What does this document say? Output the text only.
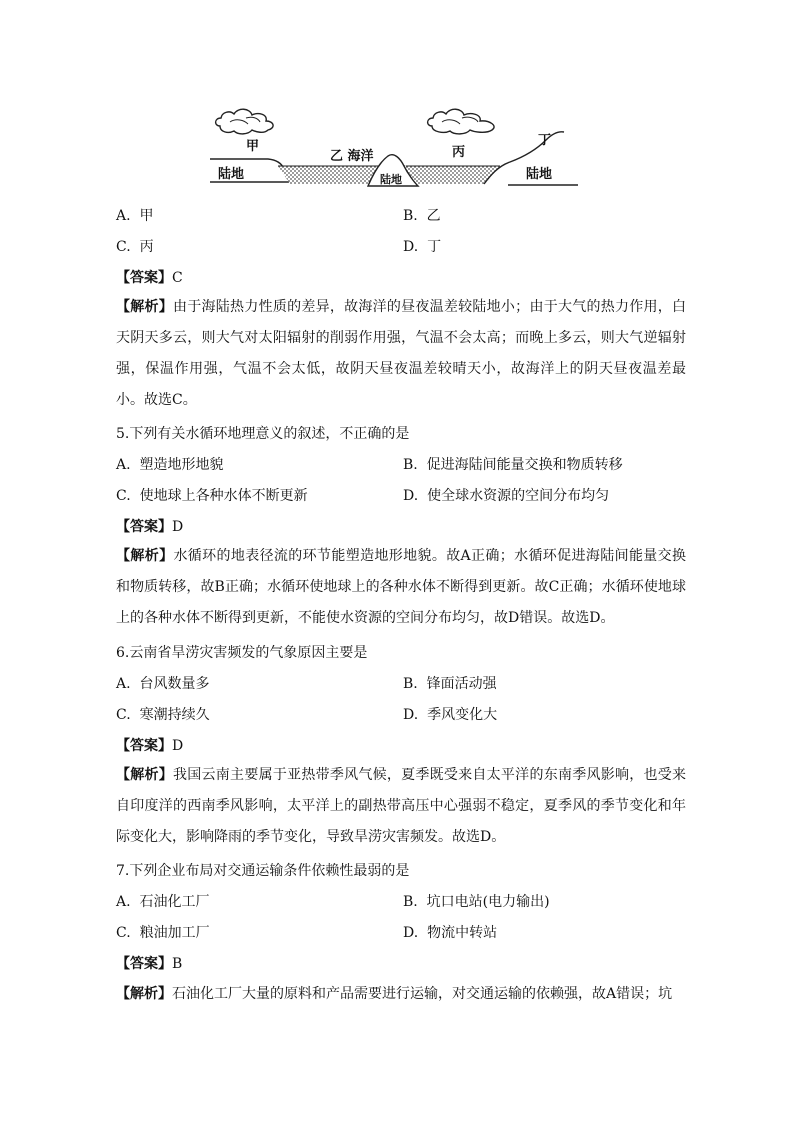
甲
陆地
乙 海洋
陆地
丙
丁
陆地
A. 甲	B. 乙
C. 丙	D. 丁
【答案】C
【解析】由于海陆热力性质的差异，故海洋的昼夜温差较陆地小；由于大气的热力作用，白天阴天多云，则大气对太阳辐射的削弱作用强，气温不会太高；而晚上多云，则大气逆辐射强，保温作用强，气温不会太低，故阴天昼夜温差较晴天小，故海洋上的阴天昼夜温差最小。故选C。
5.下列有关水循环地理意义的叙述，不正确的是
A. 塑造地形地貌	B. 促进海陆间能量交换和物质转移
C. 使地球上各种水体不断更新	D. 使全球水资源的空间分布均匀
【答案】D
【解析】水循环的地表径流的环节能塑造地形地貌。故A正确；水循环促进海陆间能量交换和物质转移，故B正确；水循环使地球上的各种水体不断得到更新。故C正确；水循环使地球上的各种水体不断得到更新，不能使水资源的空间分布均匀，故D错误。故选D。
6.云南省旱涝灾害频发的气象原因主要是
A. 台风数量多	B. 锋面活动强
C. 寒潮持续久	D. 季风变化大
【答案】D
【解析】我国云南主要属于亚热带季风气候，夏季既受来自太平洋的东南季风影响，也受来自印度洋的西南季风影响，太平洋上的副热带高压中心强弱不稳定，夏季风的季节变化和年际变化大，影响降雨的季节变化，导致旱涝灾害频发。故选D。
7.下列企业布局对交通运输条件依赖性最弱的是
A. 石油化工厂	B. 坑口电站(电力输出)
C. 粮油加工厂	D. 物流中转站
【答案】B
【解析】石油化工厂大量的原料和产品需要进行运输，对交通运输的依赖强，故A错误；坑
